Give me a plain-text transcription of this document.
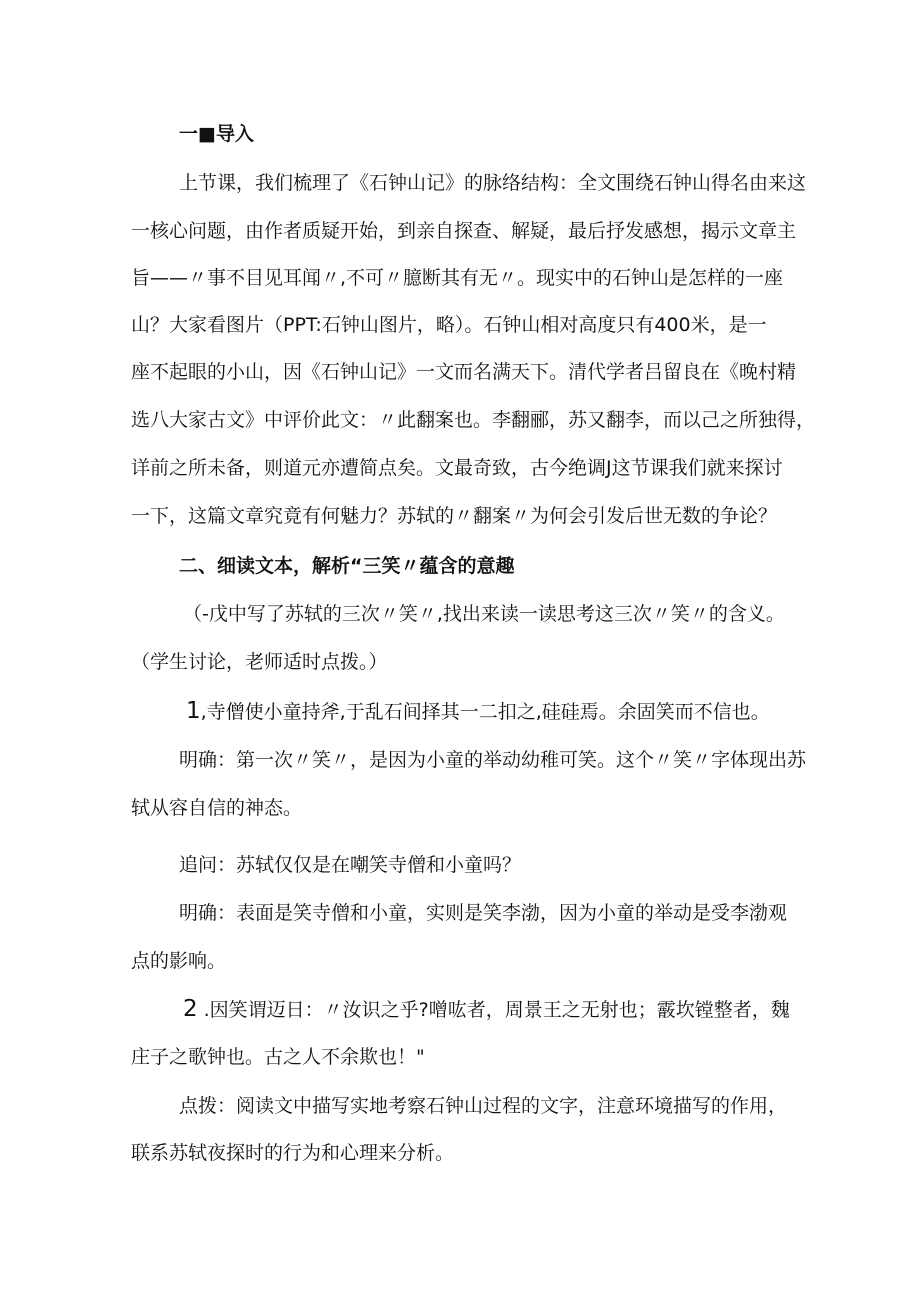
一■导入
上节课，我们梳理了《石钟山记》的脉络结构：全文围绕石钟山得名由来这
一核心问题，由作者质疑开始，到亲自探查、解疑，最后抒发感想，揭示文章主
旨——〃事不目见耳闻〃,不可〃臆断其有无〃。现实中的石钟山是怎样的一座
山？大家看图片（PPT:石钟山图片，略）。石钟山相对高度只有400米，是一
座不起眼的小山，因《石钟山记》一文而名满天下。清代学者吕留良在《晚村精
选八大家古文》中评价此文：〃此翻案也。李翻郦，苏又翻李，而以己之所独得，
详前之所未备，则道元亦遭简点矣。文最奇致，古今绝调J这节课我们就来探讨
一下，这篇文章究竟有何魅力？苏轼的〃翻案〃为何会引发后世无数的争论？
二、细读文本，解析“三笑〃蕴含的意趣
（-戊中写了苏轼的三次〃笑〃,找出来读一读思考这三次〃笑〃的含义。
（学生讨论，老师适时点拨。）
1,寺僧使小童持斧,于乱石间择其一二扣之,硅硅焉。余固笑而不信也。
明确：第一次〃笑〃，是因为小童的举动幼稚可笑。这个〃笑〃字体现出苏
轼从容自信的神态。
追问：苏轼仅仅是在嘲笑寺僧和小童吗？
明确：表面是笑寺僧和小童，实则是笑李渤，因为小童的举动是受李渤观
点的影响。
2 .因笑谓迈日：〃汝识之乎?噌吰者，周景王之无射也；霰坎镗整者，魏
庄子之歌钟也。古之人不余欺也！"
点拨：阅读文中描写实地考察石钟山过程的文字，注意环境描写的作用，
联系苏轼夜探时的行为和心理来分析。
